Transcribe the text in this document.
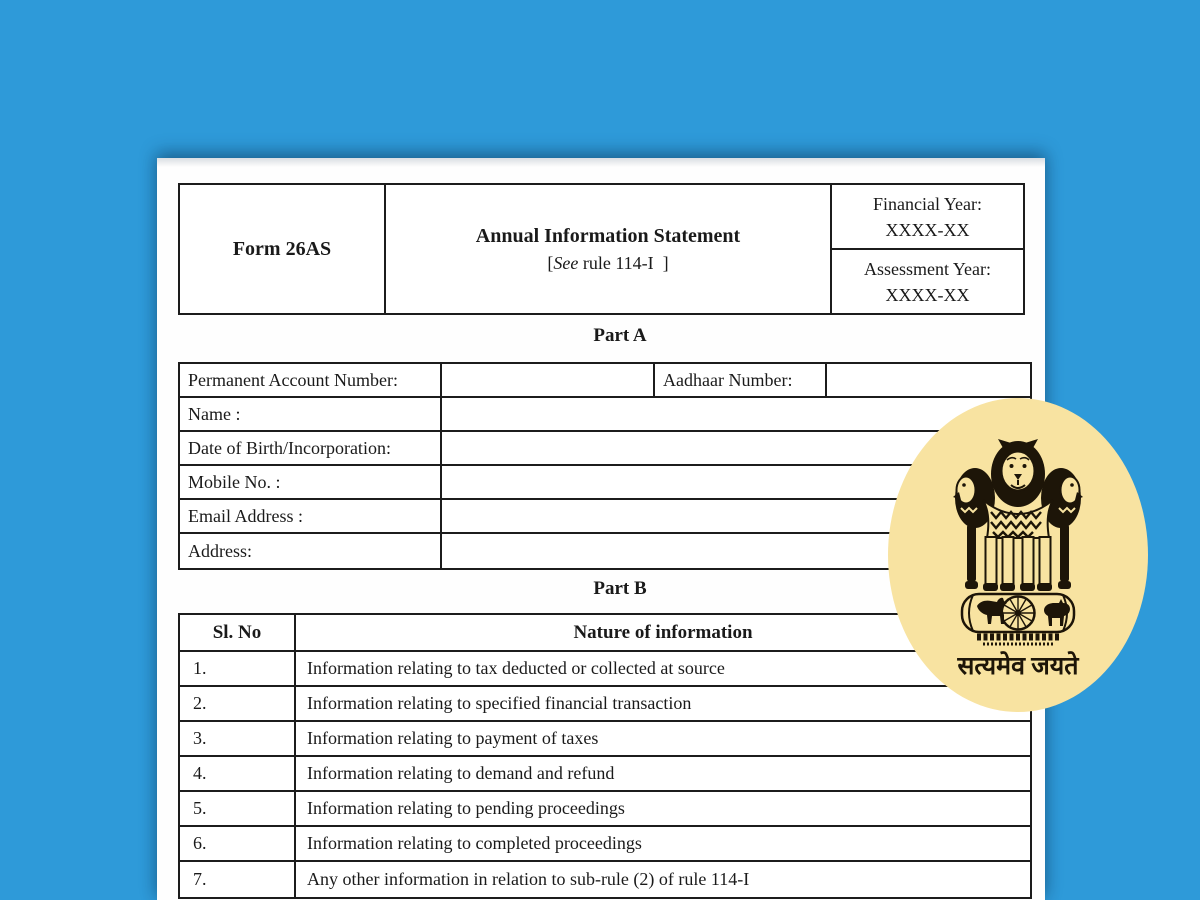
Form 26AS
Annual Information Statement
[See rule 114-I  ]
Financial Year:
XXXX-XX
Assessment Year:
XXXX-XX
Part A
Permanent Account Number:	Aadhaar Number:
Name :
Date of Birth/Incorporation:
Mobile No. :
Email Address :
Address:
Part B
Sl. No	Nature of information
1.	Information relating to tax deducted or collected at source
2.	Information relating to specified financial transaction
3.	Information relating to payment of taxes
4.	Information relating to demand and refund
5.	Information relating to pending proceedings
6.	Information relating to completed proceedings
7.	Any other information in relation to sub-rule (2) of rule 114-I
सत्यमेव जयते
